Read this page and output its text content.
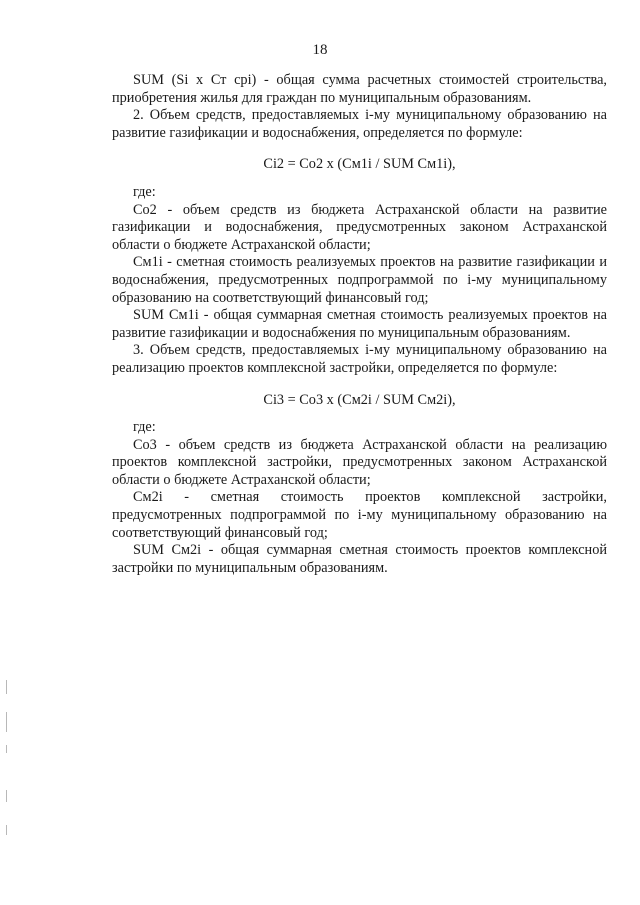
18

SUM (Si x Ст срi) - общая сумма расчетных стоимостей строительства, приобретения жилья для граждан по муниципальным образованиям.

2. Объем средств, предоставляемых i-му муниципальному образованию на развитие газификации и водоснабжения, определяется по формуле:

Ci2 = Co2 x (Cм1i / SUM Cм1i),

где:

Co2 - объем средств из бюджета Астраханской области на развитие газификации и водоснабжения, предусмотренных законом Астраханской области о бюджете Астраханской области;

Cм1i - сметная стоимость реализуемых проектов на развитие газификации и водоснабжения, предусмотренных подпрограммой по i-му муниципальному образованию на соответствующий финансовый год;

SUM Cм1i - общая суммарная сметная стоимость реализуемых проектов на развитие газификации и водоснабжения по муниципальным образованиям.

3. Объем средств, предоставляемых i-му муниципальному образованию на реализацию проектов комплексной застройки, определяется по формуле:

Ci3 = Co3 x (Cм2i / SUM Cм2i),

где:

Co3 - объем средств из бюджета Астраханской области на реализацию проектов комплексной застройки, предусмотренных законом Астраханской области о бюджете Астраханской области;

Cм2i - сметная стоимость проектов комплексной застройки, предусмотренных подпрограммой по i-му муниципальному образованию на соответствующий финансовый год;

SUM Cм2i - общая суммарная сметная стоимость проектов комплексной застройки по муниципальным образованиям.
